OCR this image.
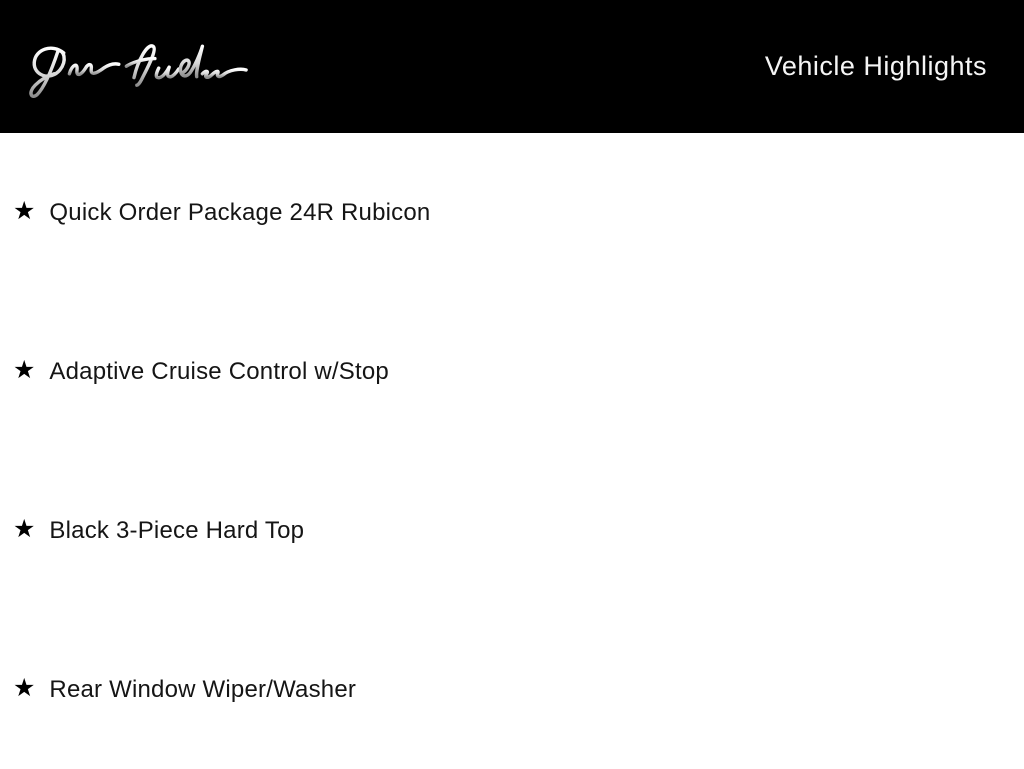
Vehicle Highlights
★ Quick Order Package 24R Rubicon
★ Adaptive Cruise Control w/Stop
★ Black 3-Piece Hard Top
★ Rear Window Wiper/Washer
